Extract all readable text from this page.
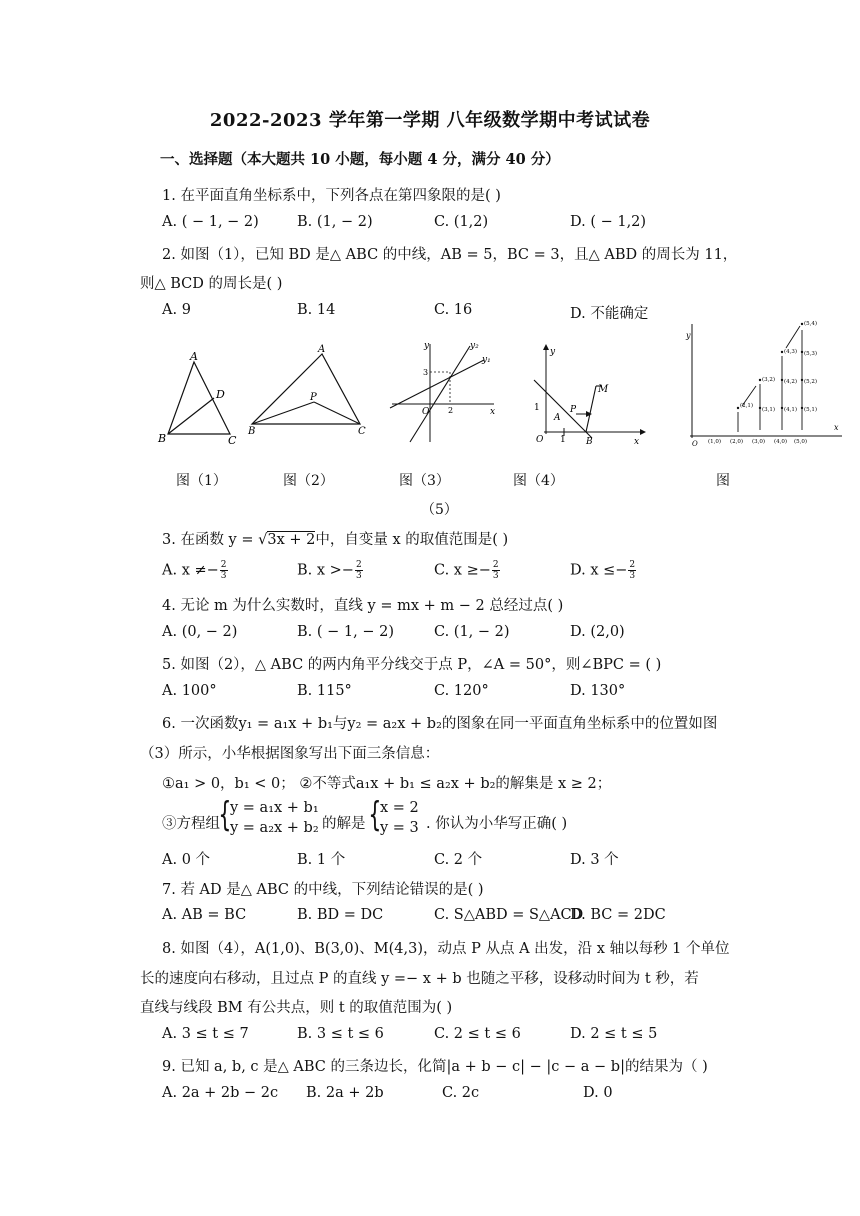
2022-2023 学年第一学期 八年级数学期中考试试卷
一、选择题（本大题共 10 小题，每小题 4 分，满分 40 分）
1. 在平面直角坐标系中，下列各点在第四象限的是( )
A. ( − 1, − 2)	B. (1, − 2)	C. (1,2)	D. ( − 1,2)
2. 如图（1），已知 BD 是△ ABC 的中线，AB = 5，BC = 3，且△ ABD 的周长为 11，
则△ BCD 的周长是( )
A. 9	B. 14	C. 16	D. 不能确定
A
D
B	C
A
P
B	C
y
x
O
3
2
y₂
y₁
y
x
O
1
1
A
P
B
M
y
x
O (1,0) (2,0) (3,0) (4,0) (5,0)
(2,1)
(3,1) (4,1) (5,1)
(3,2) (4,2) (5,2)
(4,3) (5,3)
(5,4)
图（1）	图（2）	图（3）	图（4）	图
（5）
3. 在函数 y = √3x + 2中，自变量 x 的取值范围是( )
A. $x \ne- \frac{2}{3}$	B. $x >- \frac{2}{3}$	C. $x \ge- \frac{2}{3}$	D. $x \le- \frac{2}{3}$
4. 无论 m 为什么实数时，直线 y = mx + m − 2 总经过点( )
A. (0, − 2)	B. ( − 1, − 2)	C. (1, − 2)	D. (2,0)
5. 如图（2），△ ABC 的两内角平分线交于点 P，∠A = 50°，则∠BPC = ( )
A. 100°	B. 115°	C. 120°	D. 130°
6. 一次函数y₁ = a₁x + b₁与y₂ = a₂x + b₂的图象在同一平面直角坐标系中的位置如图
（3）所示，小华根据图象写出下面三条信息：
①a₁ > 0，b₁ < 0； ②不等式a₁x + b₁ ≤ a₂x + b₂的解集是 x ≥ 2；
③方程组
{
y = a₁x + b₁
y = a₂x + b₂ 的解是 {
x = 2
y = 3 . 你认为小华写正确( )
A. 0 个	B. 1 个	C. 2 个	D. 3 个
7. 若 AD 是△ ABC 的中线，下列结论错误的是( )
A. AB = BC	B. BD = DC	C. S△ABD = S△ACD
D. BC = 2DC
8. 如图（4），A(1,0)、B(3,0)、M(4,3)，动点 P 从点 A 出发，沿 x 轴以每秒 1 个单位
长的速度向右移动，且过点 P 的直线 y =− x + b 也随之平移，设移动时间为 t 秒，若
直线与线段 BM 有公共点，则 t 的取值范围为( )
A. 3 ≤ t ≤ 7	B. 3 ≤ t ≤ 6	C. 2 ≤ t ≤ 6	D. 2 ≤ t ≤ 5
9. 已知 a, b, c 是△ ABC 的三条边长，化简|a + b − c| − |c − a − b|的结果为（ )
A. 2a + 2b − 2c B. 2a + 2b	C. 2c	D. 0
